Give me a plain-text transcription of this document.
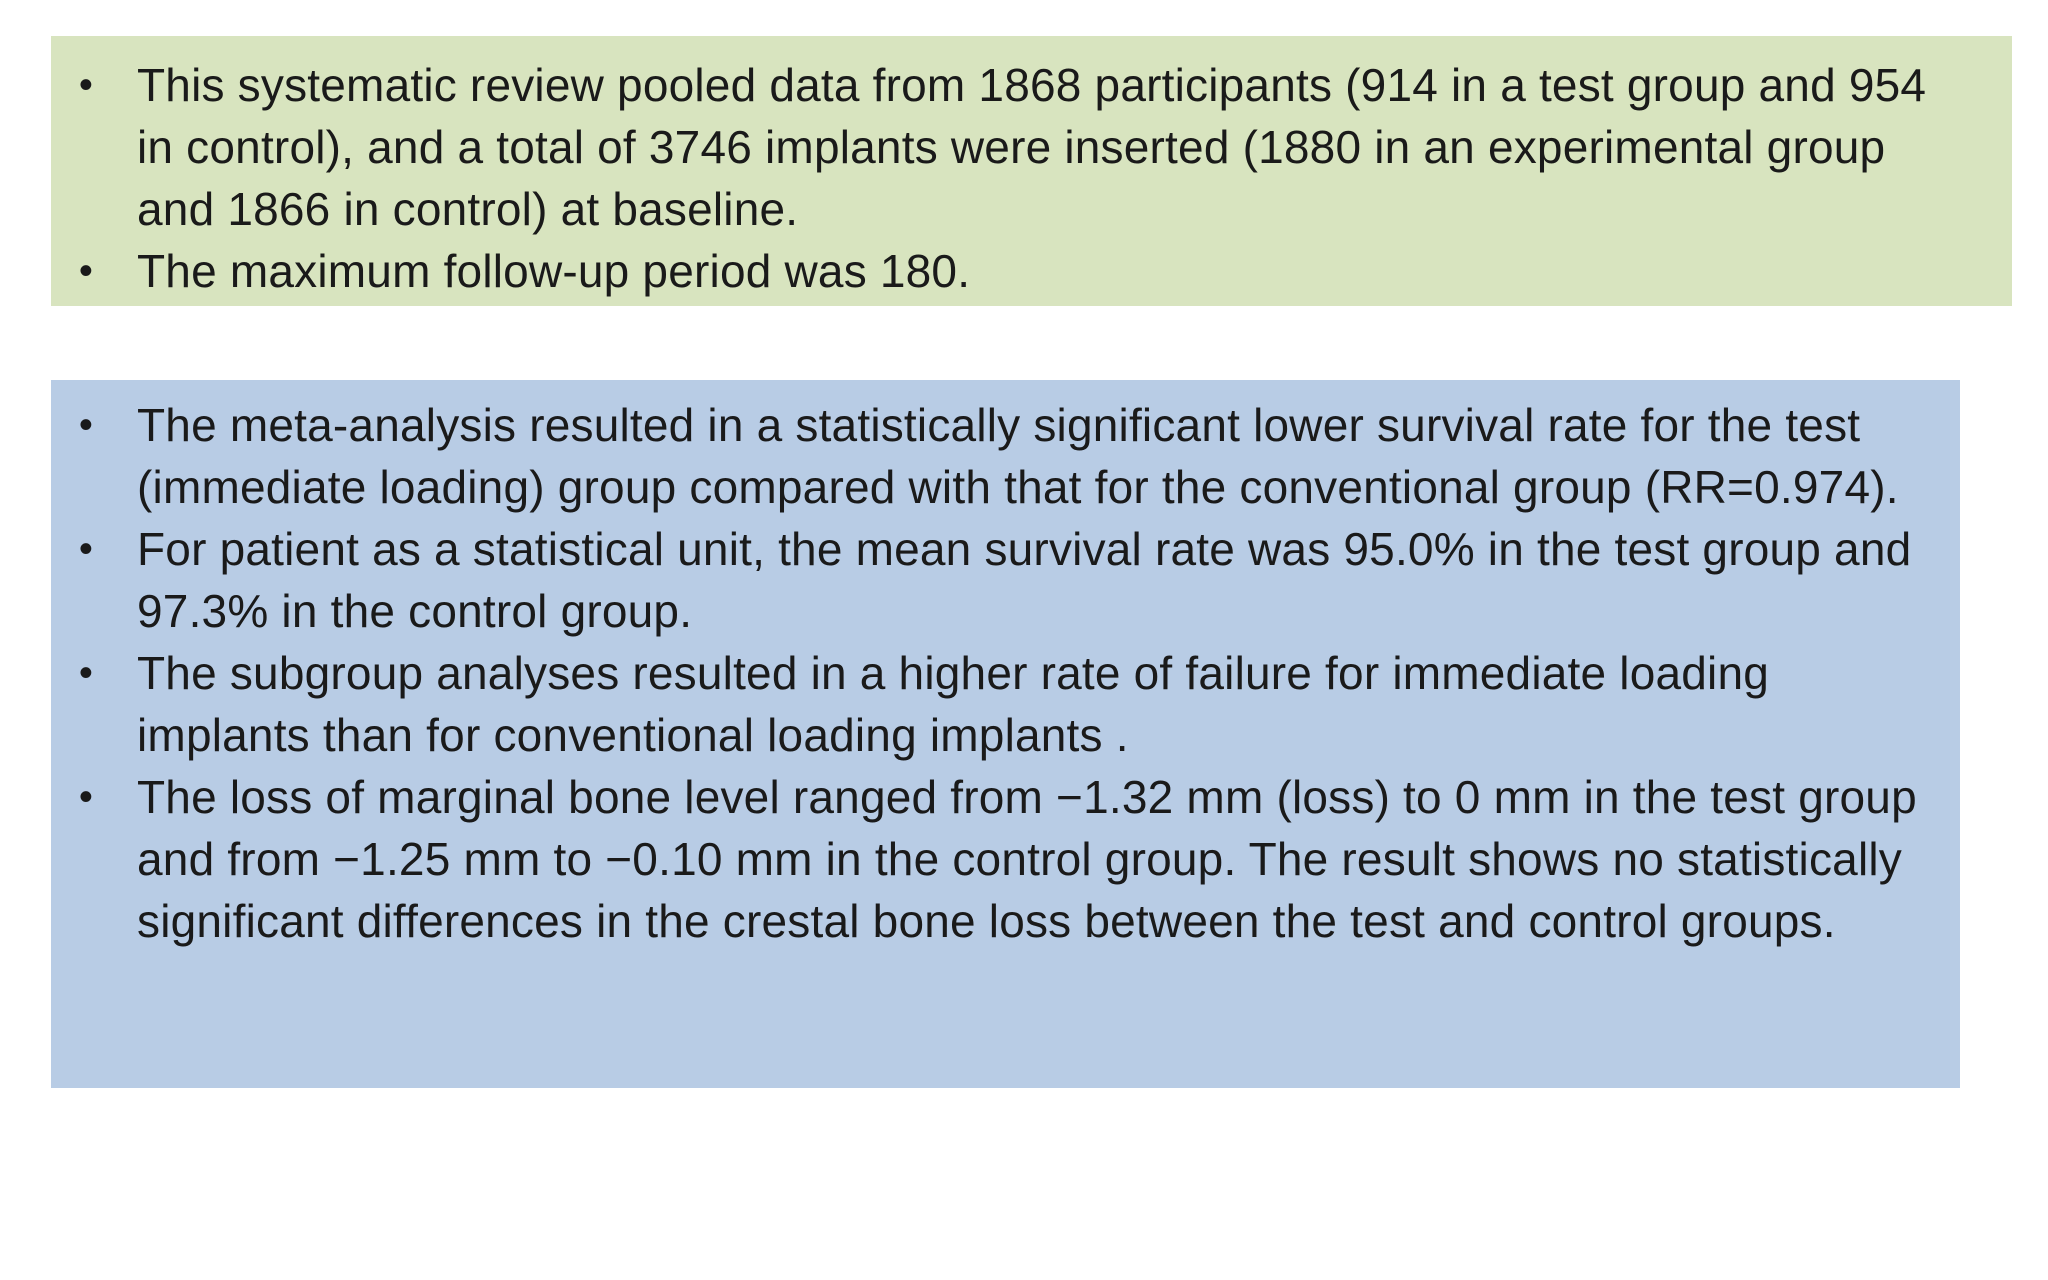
• This systematic review pooled data from 1868 participants (914 in a test group and 954 in control), and a total of 3746 implants were inserted (1880 in an experimental group and 1866 in control) at baseline.
• The maximum follow-up period was 180.
• The meta-analysis resulted in a statistically significant lower survival rate for the test (immediate loading) group compared with that for the conventional group (RR=0.974).
• For patient as a statistical unit, the mean survival rate was 95.0% in the test group and 97.3% in the control group.
• The subgroup analyses resulted in a higher rate of failure for immediate loading implants than for conventional loading implants .
• The loss of marginal bone level ranged from −1.32 mm (loss) to 0 mm in the test group and from −1.25 mm to −0.10 mm in the control group. The result shows no statistically significant differences in the crestal bone loss between the test and control groups.
